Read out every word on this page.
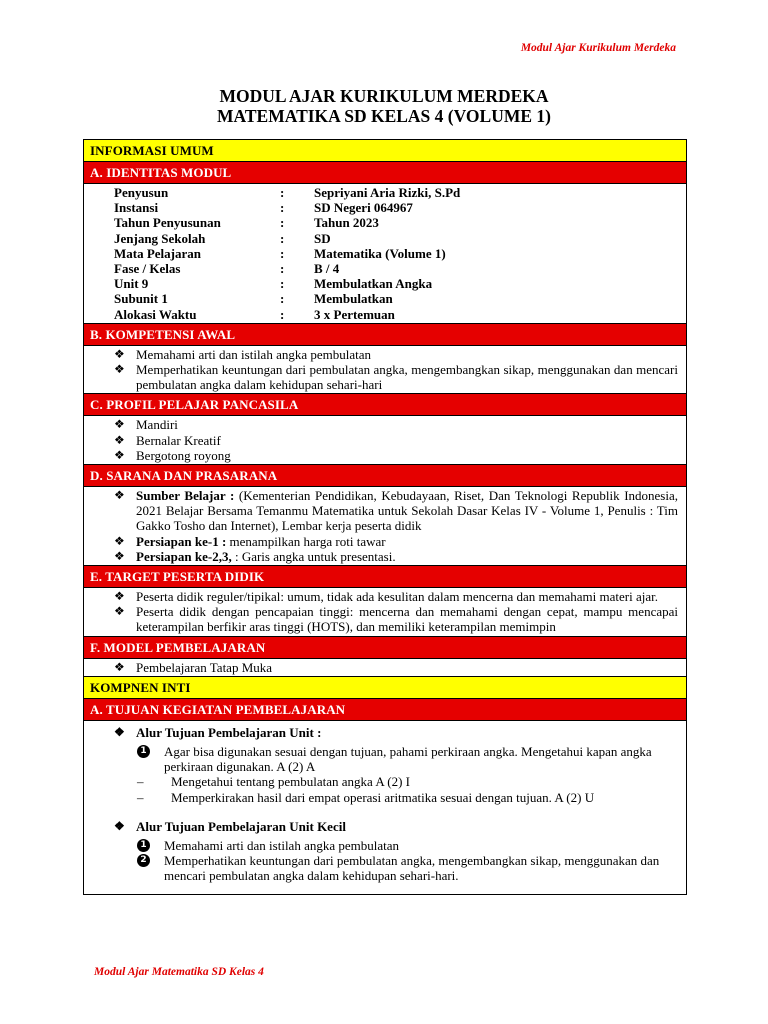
Modul Ajar Kurikulum Merdeka
MODUL AJAR KURIKULUM MERDEKA
MATEMATIKA SD KELAS 4 (VOLUME 1)
INFORMASI UMUM
A. IDENTITAS MODUL
Penyusun	:	Sepriyani Aria Rizki, S.Pd
Instansi	:	SD Negeri 064967
Tahun Penyusunan	:	Tahun 2023
Jenjang Sekolah	:	SD
Mata Pelajaran	:	Matematika (Volume 1)
Fase / Kelas	:	B / 4
Unit 9	:	Membulatkan Angka
Subunit 1	:	Membulatkan
Alokasi Waktu	:	3 x Pertemuan
B. KOMPETENSI AWAL
❖ Memahami arti dan istilah angka pembulatan
❖ Memperhatikan keuntungan dari pembulatan angka, mengembangkan sikap, menggunakan dan mencari pembulatan angka dalam kehidupan sehari-hari
C. PROFIL PELAJAR PANCASILA
❖ Mandiri
❖ Bernalar Kreatif
❖ Bergotong royong
D. SARANA DAN PRASARANA
❖ Sumber Belajar : (Kementerian Pendidikan, Kebudayaan, Riset, Dan Teknologi Republik Indonesia, 2021 Belajar Bersama Temanmu Matematika untuk Sekolah Dasar Kelas IV - Volume 1, Penulis : Tim Gakko Tosho dan Internet), Lembar kerja peserta didik
❖ Persiapan ke-1 : menampilkan harga roti tawar
❖ Persiapan ke-2,3, : Garis angka untuk presentasi.
E. TARGET PESERTA DIDIK
❖ Peserta didik reguler/tipikal: umum, tidak ada kesulitan dalam mencerna dan memahami materi ajar.
❖ Peserta didik dengan pencapaian tinggi: mencerna dan memahami dengan cepat, mampu mencapai keterampilan berfikir aras tinggi (HOTS), dan memiliki keterampilan memimpin
F. MODEL PEMBELAJARAN
❖ Pembelajaran Tatap Muka
KOMPNEN INTI
A. TUJUAN KEGIATAN PEMBELAJARAN
❖ Alur Tujuan Pembelajaran Unit :
1 Agar bisa digunakan sesuai dengan tujuan, pahami perkiraan angka. Mengetahui kapan angka perkiraan digunakan. A (2) A
– Mengetahui tentang pembulatan angka A (2) I
– Memperkirakan hasil dari empat operasi aritmatika sesuai dengan tujuan. A (2) U
❖ Alur Tujuan Pembelajaran Unit Kecil
1 Memahami arti dan istilah angka pembulatan
2 Memperhatikan keuntungan dari pembulatan angka, mengembangkan sikap, menggunakan dan mencari pembulatan angka dalam kehidupan sehari-hari.
Modul Ajar Matematika SD Kelas 4
